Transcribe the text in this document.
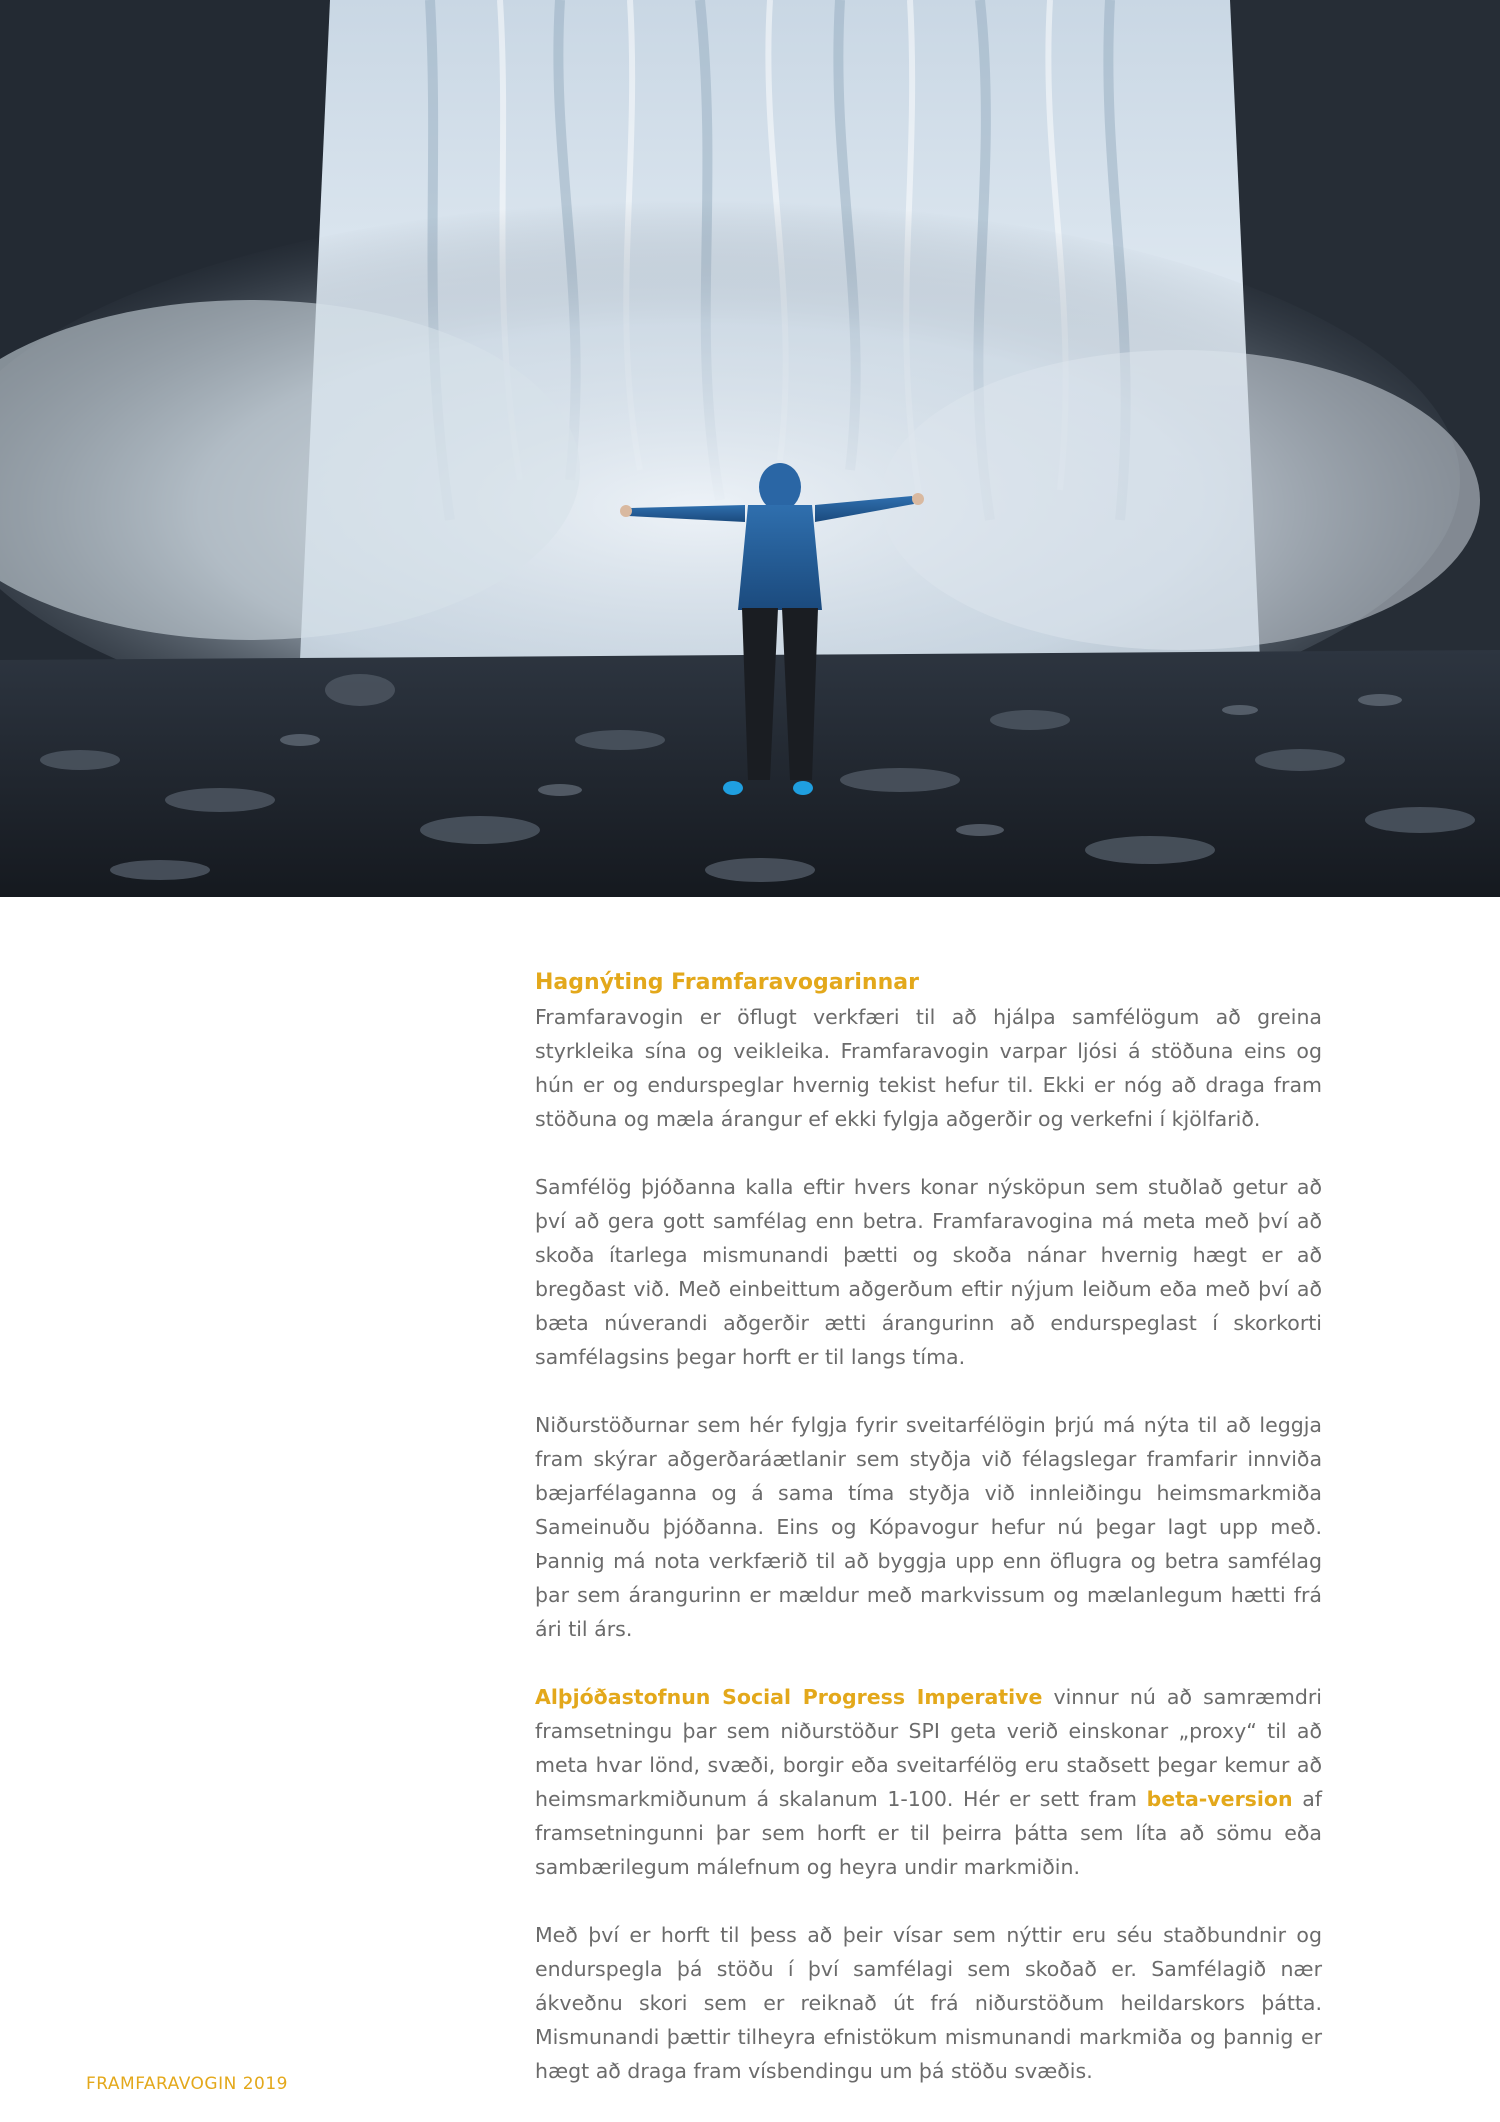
Hagnýting Framfaravogarinnar

Framfaravogin er öflugt verkfæri til að hjálpa samfélögum að greina styrkleika sína og veikleika. Framfaravogin varpar ljósi á stöðuna eins og hún er og endurspeglar hvernig tekist hefur til. Ekki er nóg að draga fram stöðuna og mæla árangur ef ekki fylgja aðgerðir og verkefni í kjölfarið.

Samfélög þjóðanna kalla eftir hvers konar nýsköpun sem stuðlað getur að því að gera gott samfélag enn betra. Framfaravogina má meta með því að skoða ítarlega mismunandi þætti og skoða nánar hvernig hægt er að bregðast við. Með einbeittum aðgerðum eftir nýjum leiðum eða með því að bæta núverandi aðgerðir ætti árangurinn að endurspeglast í skorkorti samfélagsins þegar horft er til langs tíma.

Niðurstöðurnar sem hér fylgja fyrir sveitarfélögin þrjú má nýta til að leggja fram skýrar aðgerðaráætlanir sem styðja við félagslegar framfarir innviða bæjarfélaganna og á sama tíma styðja við innleiðingu heimsmarkmiða Sameinuðu þjóðanna. Eins og Kópavogur hefur nú þegar lagt upp með. Þannig má nota verkfærið til að byggja upp enn öflugra og betra samfélag þar sem árangurinn er mældur með markvissum og mælanlegum hætti frá ári til árs.

Alþjóðastofnun Social Progress Imperative vinnur nú að samræmdri framsetningu þar sem niðurstöður SPI geta verið einskonar „proxy“ til að meta hvar lönd, svæði, borgir eða sveitarfélög eru staðsett þegar kemur að heimsmarkmiðunum á skalanum 1-100. Hér er sett fram beta-version af framsetningunni þar sem horft er til þeirra þátta sem líta að sömu eða sambærilegum málefnum og heyra undir markmiðin.

Með því er horft til þess að þeir vísar sem nýttir eru séu staðbundnir og endurspegla þá stöðu í því samfélagi sem skoðað er. Samfélagið nær ákveðnu skori sem er reiknað út frá niðurstöðum heildarskors þátta. Mismunandi þættir tilheyra efnistökum mismunandi markmiða og þannig er hægt að draga fram vísbendingu um þá stöðu svæðis.

FRAMFARAVOGIN 2019
